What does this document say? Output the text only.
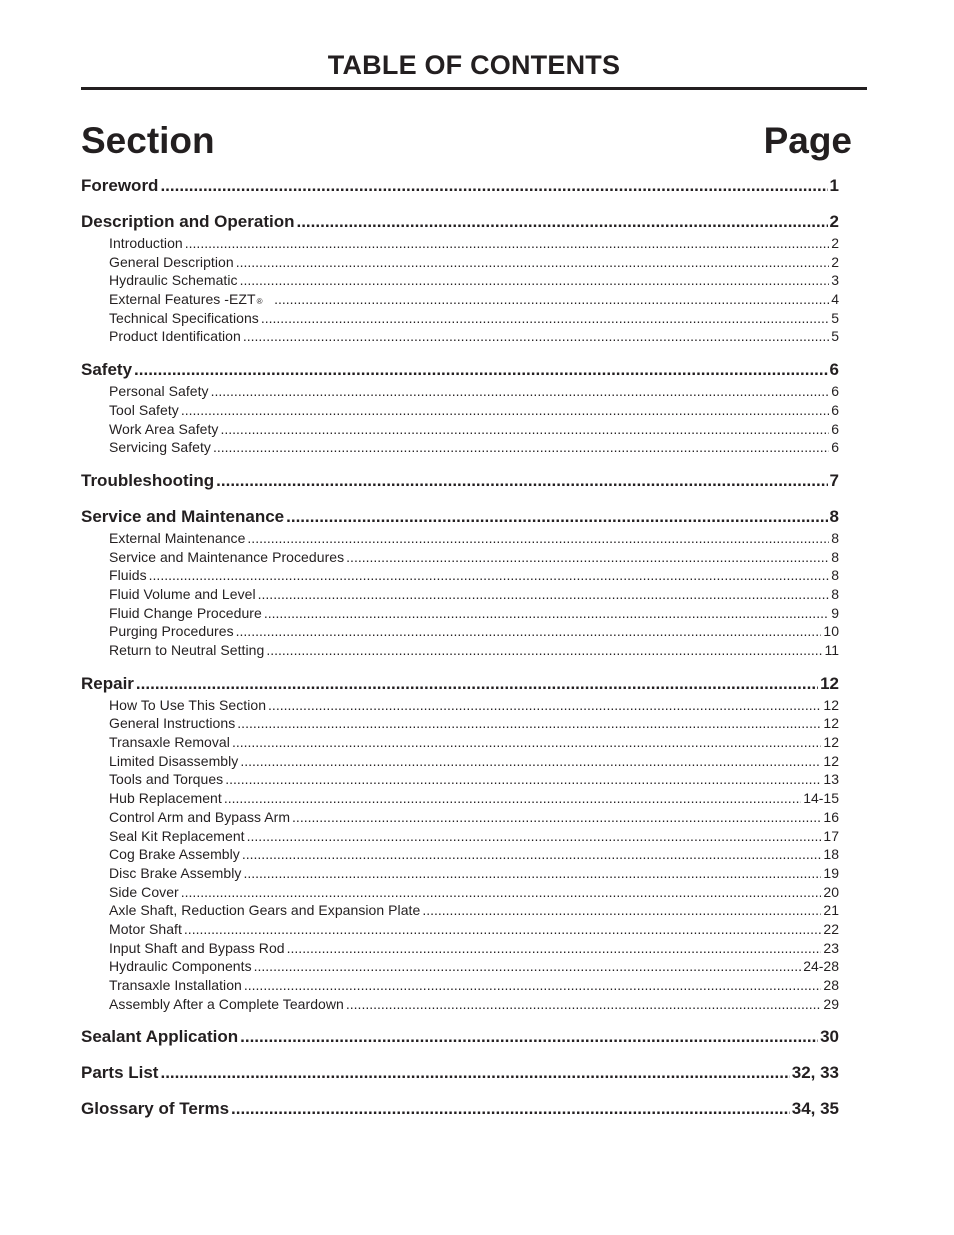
TABLE OF CONTENTS
Section	Page
Foreword .....	1
Description and Operation .....	2
Introduction .....	2
General Description .....	2
Hydraulic Schematic .....	3
External Features $-EZT_®$ .....	4
Technical Specifications .....	5
Product Identification .....	5
Safety .....	6
Personal Safety .....	6
Tool Safety .....	6
Work Area Safety .....	6
Servicing Safety .....	6
Troubleshooting .....	7
Service and Maintenance .....	8
External Maintenance .....	8
Service and Maintenance Procedures .....	8
Fluids .....	8
Fluid Volume and Level .....	8
Fluid Change Procedure .....	9
Purging Procedures .....	10
Return to Neutral Setting .....	11
Repair .....	12
How To Use This Section .....	12
General Instructions .....	12
Transaxle Removal .....	12
Limited Disassembly .....	12
Tools and Torques .....	13
Hub Replacement .....	14-15
Control Arm and Bypass Arm .....	16
Seal Kit Replacement .....	17
Cog Brake Assembly .....	18
Disc Brake Assembly .....	19
Side Cover .....	20
Axle Shaft, Reduction Gears and Expansion Plate .....	21
Motor Shaft .....	22
Input Shaft and Bypass Rod .....	23
Hydraulic Components .....	24-28
Transaxle Installation .....	28
Assembly After a Complete Teardown .....	29
Sealant Application .....	30
Parts List .....	32, 33
Glossary of Terms .....	34, 35
